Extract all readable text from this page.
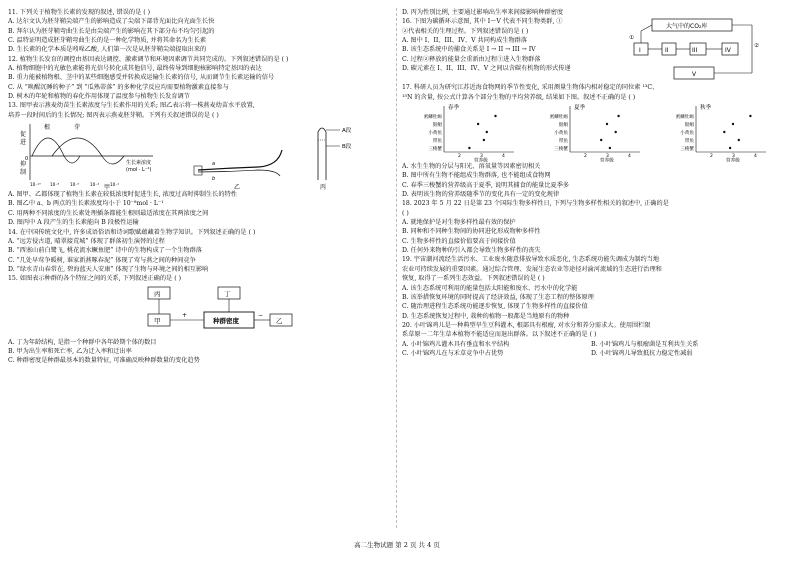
11. 下列关于植物生长素的发现的叙述, 错误的是 ( )

A. 达尔文认为胚芽鞘尖端产生的影响造成了尖端下部背光面比向光面生长快

B. 拜尔认为胚芽鞘弯曲生长是由尖端产生的影响在其下部分布不均匀引起的

C. 温特证明造成胚芽鞘弯曲生长的是一种化学物质, 并将其命名为生长素

D. 生长素的化学本质是吲哚乙酸, 人们第一次是从胚芽鞘尖端提取出来的

12. 植物生长发育的调控由基因表达调控、激素调节和环境因素调节共同完成的。下列叙述错误的是 ( )

A. 植物细胞中的光敏色素能将光信号转化成其他信号, 最终传导到细胞核影响特定基因的表达

B. 重力能被植物根、茎中的某些细胞感受并转换成运输生长素的信号, 从而调节生长素运输的信号

C. 从 “唤醒沉睡的种子” 到 “瓜熟蒂落” 的多种化学反应均需要植物激素直接参与

D. 树木的年轮和植物的春化作用体现了温度参与植物生长发育调节

13. 图甲表示燕麦幼苗生长素浓度与生长素作用的关系; 图乙表示将一株燕麦幼苗水平放置,

培养一段时间后的生长情况; 图丙表示燕麦胚芽鞘。下列有关叙述错误的是 ( )

促
进
抑
制
0
根	芽
10⁻¹⁰ 10⁻⁸	10⁻⁶	10⁻⁴	10⁻²
生长素浓度
(mol · L⁻¹)
甲
a
b
乙
A段
B段
丙

A. 图甲、乙都体现了植物生长素在较低浓度时促进生长, 浓度过高时抑制生长的特性

B. 图乙中 a、b 两点的生长素浓度均小于 10⁻⁸mol · L⁻¹

C. 用两种不同浓度的生长素处理插条都能生根则最适浓度在其两浓度之间

D. 图丙中 A 段产生的生长素能向 B 段极性运输

14. 在中国传统文化中, 许多成语俗语和诗词歌赋蕴藏着生物学知识。下列叙述正确的是 ( )

A. “远芳侵古道, 晴翠接荒城” 体现了群落初生演替的过程

B. “西塞山前白鹭飞, 桃花流水鳜鱼肥” 诗中的生物构成了一个生物群落

C. “几处早莺争暖树, 谁家新燕啄春泥” 体现了莺与燕之间的种间竞争

D. “绿水青山春常在, 碧海蓝天人安康” 体现了生物与环境之间的相互影响

15. 如图表示种群的各个特征之间的关系, 下列叙述正确的是 ( )

丙	丁
甲	种群密度	乙
+	−

A. 丁为年龄结构, 是指一个种群中各年龄期个体的数目

B. 甲为出生率和死亡率, 乙为迁入率和迁出率

C. 种群密度是种群最基本的数量特征, 可准确反映种群数量的变化趋势

D. 丙为性别比例, 主要通过影响出生率来间接影响种群密度

16. 下图为碳循环示意图, 其中 I～V 代表不同生物类群, ①

②代表相关的生理过程。下列叙述错误的是 ( )

A. 图中 I、II、III、IV、V 共同构成生物群落

B. 该生态系统中的捕食关系是 I → II → III → IV

C. 过程②释放的能量会重新由过程①进入生物群落

D. 碳元素在 I、II、III、IV、V 之间以含碳有机物的形式传递

大气中的CO₂库
I	II	III	IV
V
①
②

17. 科研人员为研究江苏近海食物网的季节性变化, 采用测量生物体内相对稳定的同位素 ¹³C、

¹⁵N 的含量, 按公式计算各个部分生物的平均营养级, 结果如下图。叙述不正确的是 ( )

春季
密鳞牡蛎
银鲳
小黄鱼
带鱼
三梭蟹
2	3	4
营养级
夏季
密鳞牡蛎
银鲳
小黄鱼
带鱼
三梭蟹
2	3	4
营养级
秋季
密鳞牡蛎
银鲳
小黄鱼
带鱼
三梭蟹
2	3	4
营养级

A. 水生生物的分层与阳光、溶氧量等因素密切相关

B. 图中所有生物不能组成生物群落, 也不能组成食物网

C. 春季三梭蟹的营养级高于夏季, 说明其捕食的能量比夏季多

D. 表明该生物的营养级随季节的变化具有一定的变化规律

18. 2023 年 5 月 22 日是第 23 个国际生物多样性日, 下列与生物多样性相关的叙述中, 正确的是

( )

A. 就地保护是对生物多样性最有效的保护

B. 同种和不同种生物间的协同进化形成物种多样性

C. 生物多样性的直接价值要高于间接价值

D. 任何外来物种的引入都会导致生物多样性的丧失

19. 宇宙潮河流经生活污水、工业废水随意排放导致水质恶化, 生态系统功能失调成为制约当地

农业可持续发展的重要因素。通过综合管理、发展生态农业等途径对渝河流域的生态进行治理和

恢复, 取得了一系列生态效益。下列叙述错误的是 ( )

A. 该生态系统可利用的能量包括太阳能和废水、污水中的化学能

B. 该举措恢复环境的同时提高了经济效益, 体现了生态工程的整体原理

C. 随治理进程生态系统功能逐步恢复, 体现了生物多样性的直接价值

D. 生态系统恢复过程中, 栽种的植物一般都是当地原有的物种

20. 小叶锦鸡儿是一种典型旱生豆科灌木, 根部具有根瘤, 对水分和养分需求大。使用围栏限

系草原一二年生草本植物不能适应而退出群落。以下叙述不正确的是 ( )

A. 小叶锦鸡儿灌木具有垂直和水平结构	B. 小叶锦鸡儿与根瘤菌是互利共生关系
C. 小叶锦鸡儿在与禾草竞争中占优势	D. 小叶锦鸡儿导致抵抗力稳定性减弱
高二生物试题 第 2 页 共 4 页
